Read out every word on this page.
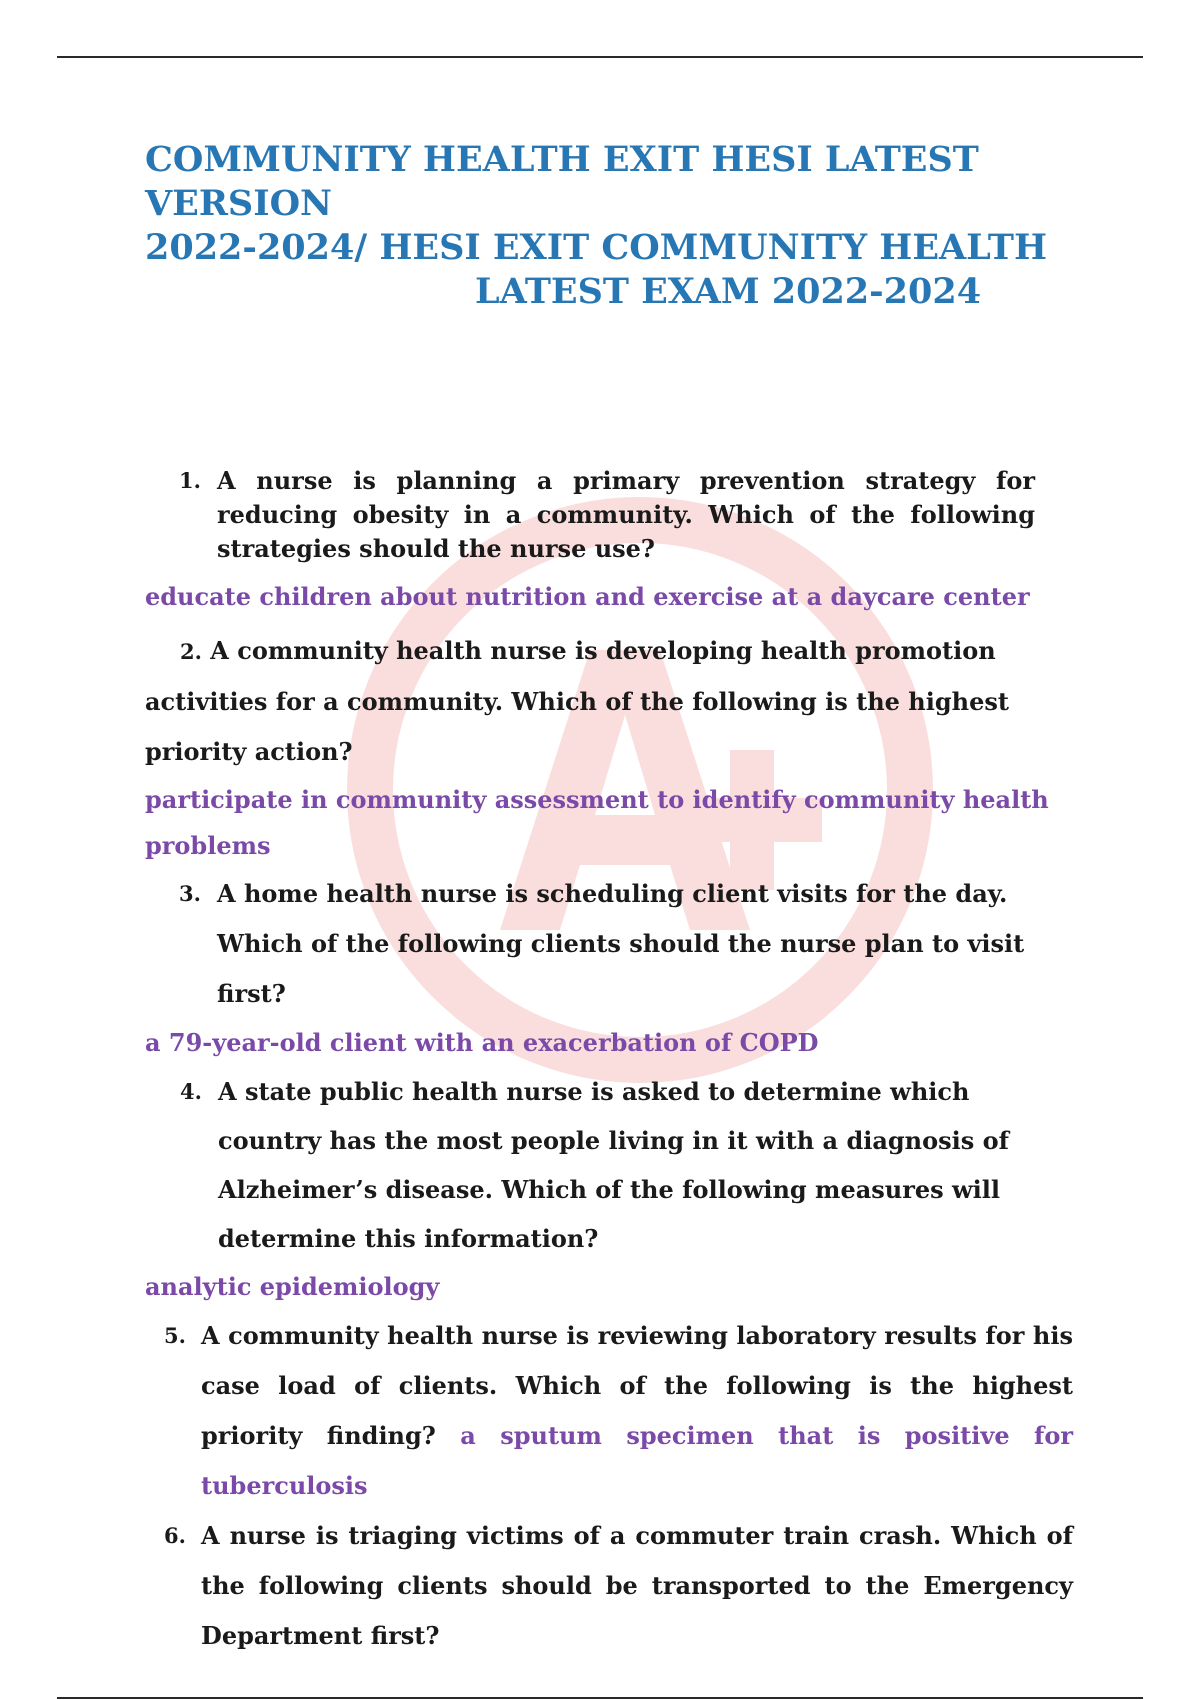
COMMUNITY HEALTH EXIT HESI LATEST
VERSION
2022-2024/ HESI EXIT COMMUNITY HEALTH
LATEST EXAM 2022-2024
1. A nurse is planning a primary prevention strategy for reducing obesity in a community. Which of the following strategies should the nurse use?
educate children about nutrition and exercise at a daycare center
2. A community health nurse is developing health promotion activities for a community. Which of the following is the highest priority action?
participate in community assessment to identify community health problems
3. A home health nurse is scheduling client visits for the day. Which of the following clients should the nurse plan to visit first?
a 79-year-old client with an exacerbation of COPD
4. A state public health nurse is asked to determine which country has the most people living in it with a diagnosis of Alzheimer’s disease. Which of the following measures will determine this information?
analytic epidemiology
5. A community health nurse is reviewing laboratory results for his case load of clients. Which of the following is the highest priority finding? a sputum specimen that is positive for tuberculosis
6. A nurse is triaging victims of a commuter train crash. Which of the following clients should be transported to the Emergency Department first?
